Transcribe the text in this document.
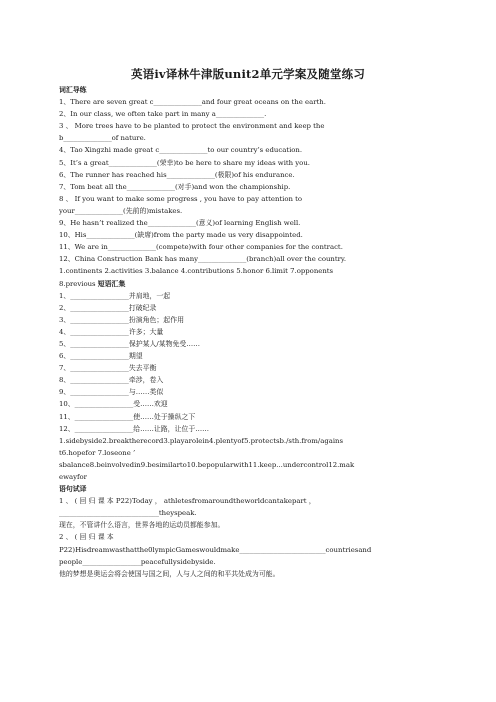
英语iv译林牛津版unit2单元学案及随堂练习
词汇导练
1、There are seven great c______________and four great oceans on the earth.
2、In our class, we often take part in many a______________.
3 、 More trees have to be planted to protect the environment and keep the
b______________of nature.
4、Tao Xingzhi made great c______________to our country’s education.
5、It’s a great______________(荣幸)to be here to share my ideas with you.
6、The runner has reached his______________(极限)of his endurance.
7、Tom beat all the______________(对手)and won the championship.
8 、 If you want to make some progress , you have to pay attention to
your______________(先前的)mistakes.
9、He hasn’t realized the______________(意义)of learning English well.
10、His______________(缺席)from the party made us very disappointed.
11、We are in______________(compete)with four other companies for the contract.
12、China Construction Bank has many______________(branch)all over the country.
1.continents 2.activities 3.balance 4.contributions 5.honor 6.limit 7.opponents
8.previous 短语汇集
1、_________________并肩地，一起
2、_________________打破纪录
3、_________________扮演角色；起作用
4、_________________许多；大量
5、_________________保护某人/某物免受……
6、_________________期望
7、_________________失去平衡
8、_________________牵涉，卷入
9、_________________与……类似
10、_________________受……欢迎
11、_________________使……处于操纵之下
12、_________________给……让路，让位于……
1.sidebyside2.breaktherecord3.playarolein4.plentyof5.protectsb./sth.from/agains
t6.hopefor 7.loseone ’
sbalance8.beinvolvedin9.besimilarto10.bepopularwith11.keep...undercontrol12.mak
ewayfor
语句试译
1 、 ( 回 归 课 本 P22)Today ， athletesfromaroundtheworldcantakepart ，
_____________________________theyspeak.
现在，不管讲什么语言，世界各地的运动员都能参加。
2 、 ( 回 归 课 本
P22)Hisdreamwasthatthe0lympicGameswouldmake_________________________countriesand
people_________________peacefullysidebyside.
他的梦想是奥运会将会使国与国之间，人与人之间的和平共处成为可能。
